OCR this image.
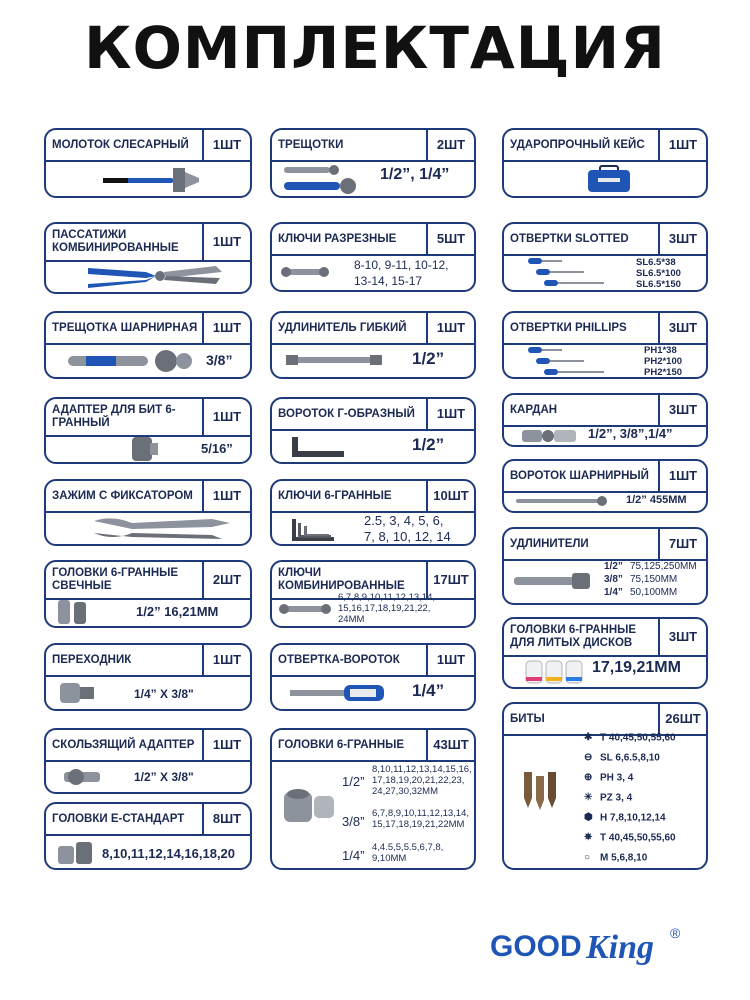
КОМПЛЕКТАЦИЯ
МОЛОТОК СЛЕСАРНЫЙ	1ШТ
ПАССАТИЖИ КОМБИНИРОВАННЫЕ	1ШТ
ТРЕЩОТКА ШАРНИРНАЯ	1ШТ
3/8”
АДАПТЕР ДЛЯ БИТ 6-ГРАННЫЙ	1ШТ
5/16”
ЗАЖИМ С ФИКСАТОРОМ	1ШТ
ГОЛОВКИ 6-ГРАННЫЕ СВЕЧНЫЕ	2ШТ
1/2” 16,21ММ
ПЕРЕХОДНИК	1ШТ
1/4” Х 3/8"
СКОЛЬЗЯЩИЙ АДАПТЕР	1ШТ
1/2” Х 3/8"
ГОЛОВКИ Е-СТАНДАРТ	8ШТ
8,10,11,12,14,16,18,20
ТРЕЩОТКИ	2ШТ
1/2”, 1/4”
КЛЮЧИ РАЗРЕЗНЫЕ	5ШТ
8-10, 9-11, 10-12,
13-14, 15-17
УДЛИНИТЕЛЬ ГИБКИЙ	1ШТ
1/2”
ВОРОТОК Г-ОБРАЗНЫЙ	1ШТ
1/2”
КЛЮЧИ 6-ГРАННЫЕ	10ШТ
2.5, 3, 4, 5, 6,
7, 8, 10, 12, 14
КЛЮЧИ КОМБИНИРОВАННЫЕ	17ШТ
6,7,8,9,10,11,12,13,14,
15,16,17,18,19,21,22,
24ММ
ОТВЕРТКА-ВОРОТОК	1ШТ
1/4”
ГОЛОВКИ 6-ГРАННЫЕ	43ШТ
1/2”
8,10,11,12,13,14,15,16,
17,18,19,20,21,22,23,
24,27,30,32ММ
3/8”
6,7,8,9,10,11,12,13,14,
15,17,18,19,21,22ММ
1/4”
4,4.5,5,5.5,6,7,8,
9,10ММ
УДАРОПРОЧНЫЙ КЕЙС	1ШТ
ОТВЕРТКИ SLOTTED	3ШТ
SL6.5*38
SL6.5*100
SL6.5*150
ОТВЕРТКИ PHILLIPS	3ШТ
PH1*38
PH2*100
PH2*150
КАРДАН	3ШТ
1/2”, 3/8”,1/4”
ВОРОТОК ШАРНИРНЫЙ	1ШТ
1/2” 455ММ
УДЛИНИТЕЛИ	7ШТ
1/2” 75,125,250ММ
3/8” 75,150ММ
1/4” 50,100ММ
ГОЛОВКИ 6-ГРАННЫЕ ДЛЯ ЛИТЫХ ДИСКОВ	3ШТ
17,19,21ММ
БИТЫ	26ШТ
✱ T 40,45,50,55,60
⊖ SL 6,6.5,8,10
⊕ PH 3, 4
✳ PZ 3, 4
⬢ H 7,8,10,12,14
✵ T 40,45,50,55,60
○ M 5,6,8,10
GOOD King ®
